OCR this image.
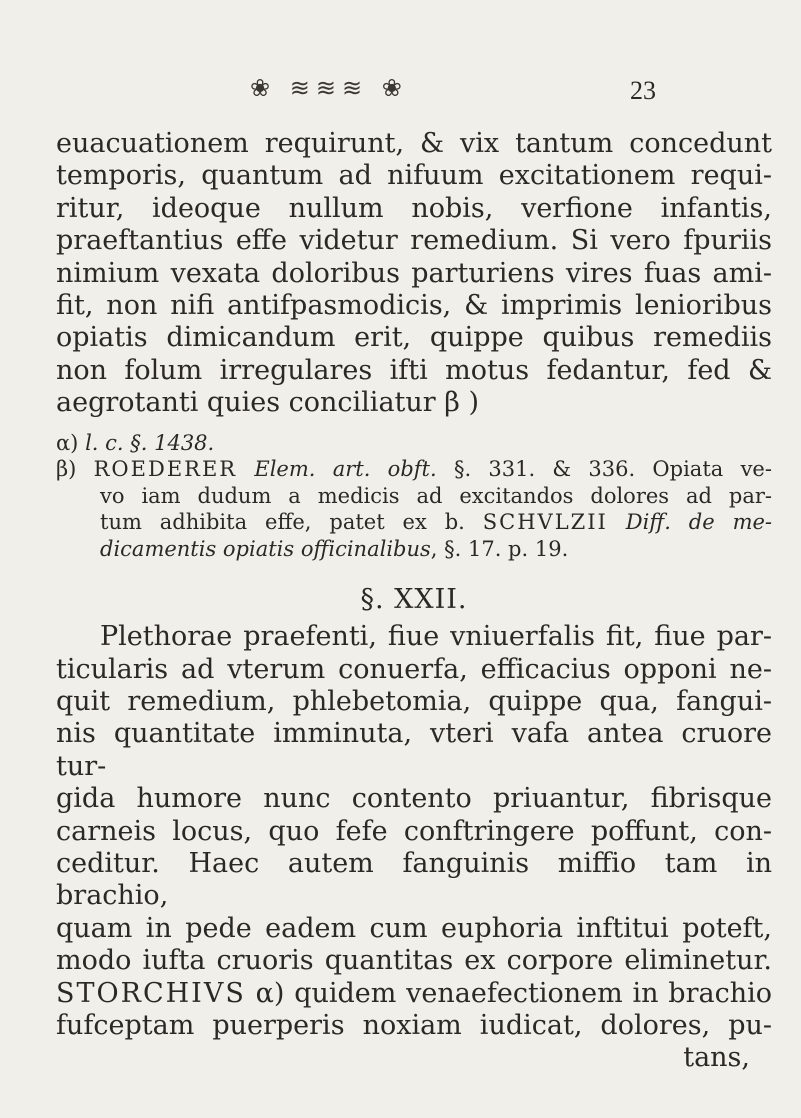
❀ ≋≋≋ ❀	23

euacuationem requirunt, & vix tantum concedunt
temporis, quantum ad nifuum excitationem requi-
ritur, ideoque nullum nobis, verfione infantis,
praeftantius effe videtur remedium. Si vero fpuriis
nimium vexata doloribus parturiens vires fuas ami-
fit, non nifi antifpasmodicis, & imprimis lenioribus
opiatis dimicandum erit, quippe quibus remediis
non folum irregulares ifti motus fedantur, fed &
aegrotanti quies conciliatur β )

α) l. c. §. 1438.
β) ROEDERER Elem. art. obft. §. 331. & 336. Opiata ve-
vo iam dudum a medicis ad excitandos dolores ad par-
tum adhibita effe, patet ex b. SCHVLZII Diff. de me-
dicamentis opiatis officinalibus, §. 17. p. 19.
§. XXII.

Plethorae praefenti, fiue vniuerfalis fit, fiue par-
ticularis ad vterum conuerfa, efficacius opponi ne-
quit remedium, phlebetomia, quippe qua, fangui-
nis quantitate imminuta, vteri vafa antea cruore tur-
gida humore nunc contento priuantur, fibrisque
carneis locus, quo fefe conftringere poffunt, con-
ceditur. Haec autem fanguinis miffio tam in brachio,
quam in pede eadem cum euphoria inftitui poteft,
modo iufta cruoris quantitas ex corpore eliminetur.
STORCHIVS α) quidem venaefectionem in brachio
fufceptam puerperis noxiam iudicat, dolores, pu-
tans,
